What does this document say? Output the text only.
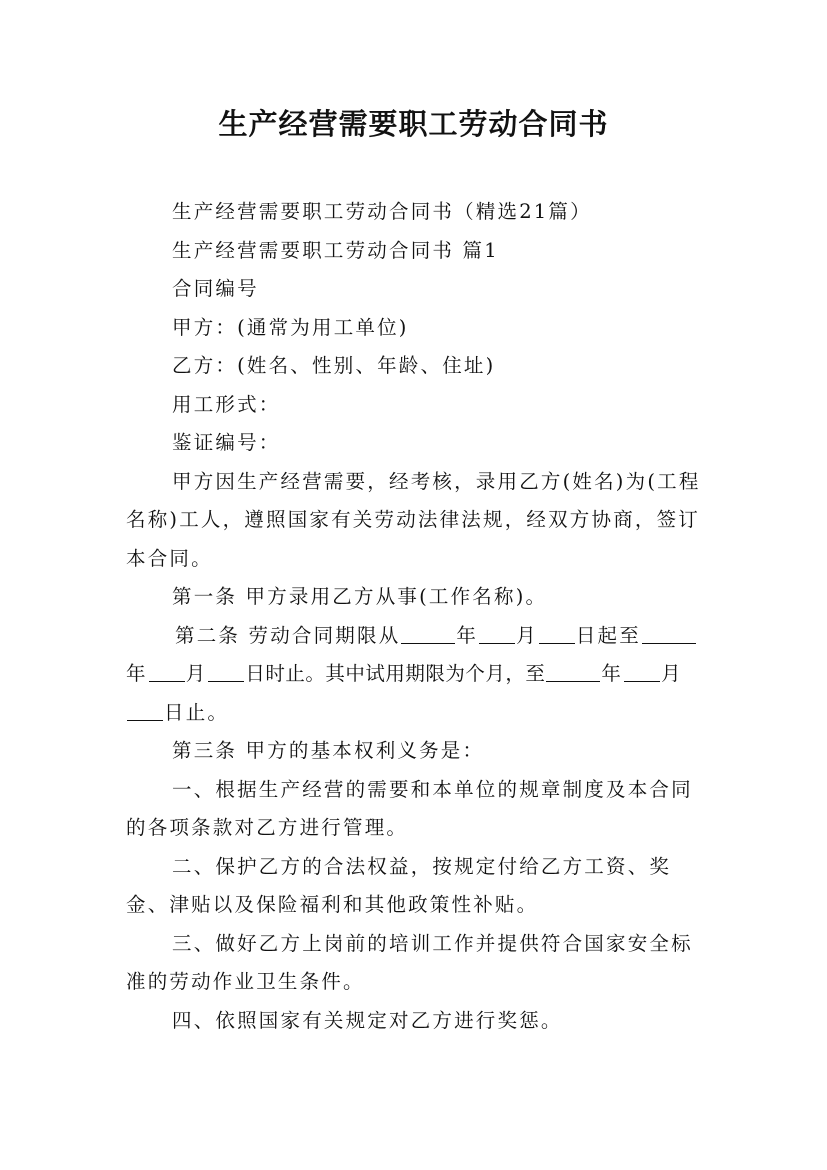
生产经营需要职工劳动合同书

生产经营需要职工劳动合同书（精选21篇）

生产经营需要职工劳动合同书 篇1

合同编号

甲方：(通常为用工单位)

乙方：(姓名、性别、年龄、住址)

用工形式：

鉴证编号：

甲方因生产经营需要，经考核，录用乙方(姓名)为(工程名称)工人，遵照国家有关劳动法律法规，经双方协商，签订本合同。

第一条 甲方录用乙方从事(工作名称)。

第二条 劳动合同期限从	年 月 日起至年 月 日时止。其中试用期限为个月，至	年 月日止。

第三条 甲方的基本权利义务是：

一、根据生产经营的需要和本单位的规章制度及本合同的各项条款对乙方进行管理。

二、保护乙方的合法权益，按规定付给乙方工资、奖金、津贴以及保险福利和其他政策性补贴。

三、做好乙方上岗前的培训工作并提供符合国家安全标准的劳动作业卫生条件。

四、依照国家有关规定对乙方进行奖惩。
